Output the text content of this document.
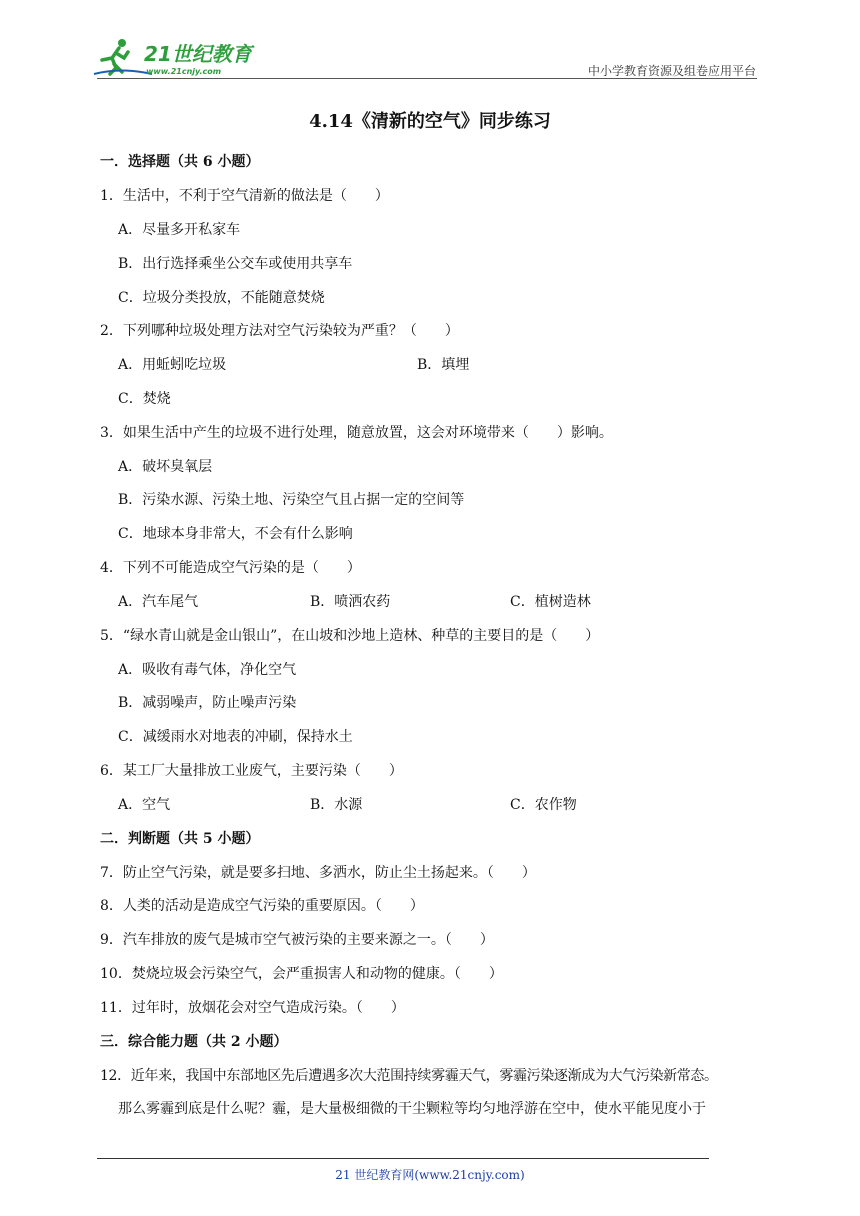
21世纪教育
www.21cnjy.com	中小学教育资源及组卷应用平台
4.14《清新的空气》同步练习
一．选择题（共 6 小题）
1．生活中，不利于空气清新的做法是（　　）
A．尽量多开私家车
B．出行选择乘坐公交车或使用共享车
C．垃圾分类投放，不能随意焚烧
2．下列哪种垃圾处理方法对空气污染较为严重？（　　）
A．用蚯蚓吃垃圾	B．填埋
C．焚烧
3．如果生活中产生的垃圾不进行处理，随意放置，这会对环境带来（　　）影响。
A．破坏臭氧层
B．污染水源、污染土地、污染空气且占据一定的空间等
C．地球本身非常大，不会有什么影响
4．下列不可能造成空气污染的是（　　）
A．汽车尾气	B．喷洒农药	C．植树造林
5．“绿水青山就是金山银山”，在山坡和沙地上造林、种草的主要目的是（　　）
A．吸收有毒气体，净化空气
B．减弱噪声，防止噪声污染
C．减缓雨水对地表的冲刷，保持水土
6．某工厂大量排放工业废气，主要污染（　　）
A．空气	B．水源	C．农作物
二．判断题（共 5 小题）
7．防止空气污染，就是要多扫地、多洒水，防止尘土扬起来。（　　）
8．人类的活动是造成空气污染的重要原因。（　　）
9．汽车排放的废气是城市空气被污染的主要来源之一。（　　）
10．焚烧垃圾会污染空气，会严重损害人和动物的健康。（　　）
11．过年时，放烟花会对空气造成污染。（　　）
三．综合能力题（共 2 小题）
12．近年来，我国中东部地区先后遭遇多次大范围持续雾霾天气，雾霾污染逐渐成为大气污染新常态。
那么雾霾到底是什么呢？霾，是大量极细微的干尘颗粒等均匀地浮游在空中，使水平能见度小于
21 世纪教育网(www.21cnjy.com)
